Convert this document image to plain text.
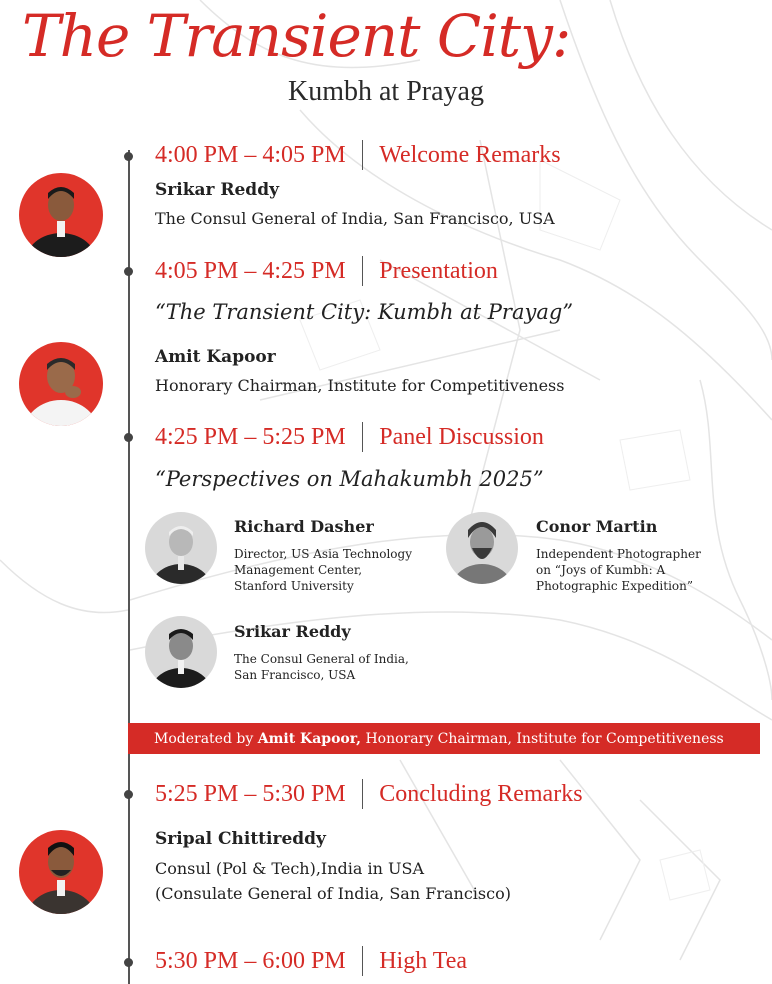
The Transient City:
Kumbh at Prayag
4:00 PM – 4:05 PM Welcome Remarks
Srikar Reddy
The Consul General of India, San Francisco, USA
4:05 PM – 4:25 PM Presentation
“The Transient City: Kumbh at Prayag”
Amit Kapoor
Honorary Chairman, Institute for Competitiveness
4:25 PM – 5:25 PM Panel Discussion
“Perspectives on Mahakumbh 2025”
Richard Dasher
Director, US Asia Technology
Management Center,
Stanford University
Conor Martin
Independent Photographer
on “Joys of Kumbh: A
Photographic Expedition”
Srikar Reddy
The Consul General of India,
San Francisco, USA
Moderated by
Amit Kapoor,
Honorary Chairman, Institute for Competitiveness
5:25 PM – 5:30 PM Concluding Remarks
Sripal Chittireddy
Consul (Pol & Tech),India in USA
(Consulate General of India, San Francisco)
5:30 PM – 6:00 PM High Tea
